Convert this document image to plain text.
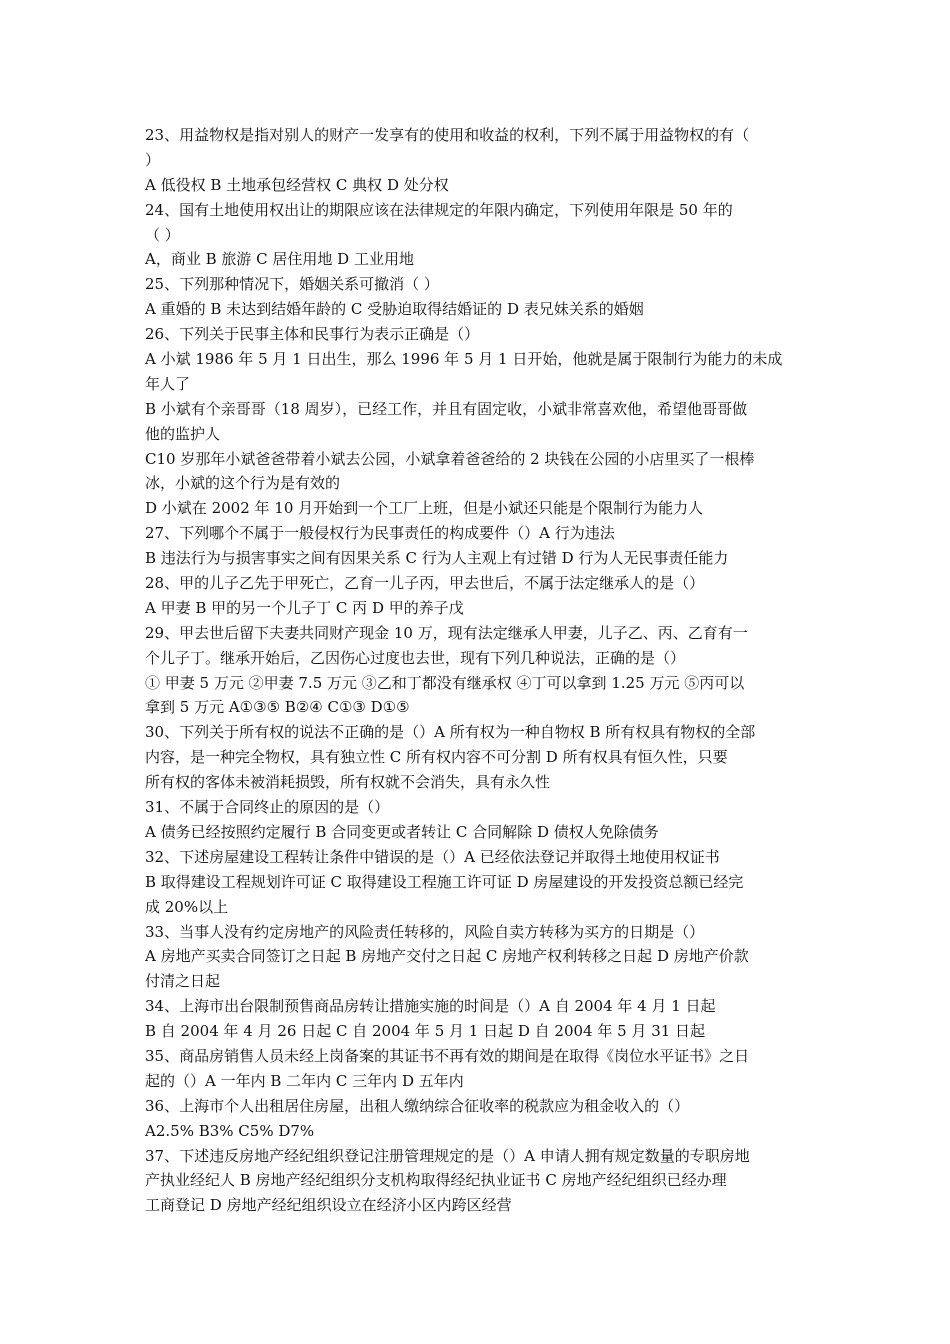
23、用益物权是指对别人的财产一发享有的使用和收益的权利，下列不属于用益物权的有（
）
A 低役权 B 土地承包经营权 C 典权 D 处分权
24、国有土地使用权出让的期限应该在法律规定的年限内确定，下列使用年限是 50 年的
（ ）
A，商业 B 旅游 C 居住用地 D 工业用地
25、下列那种情况下，婚姻关系可撤消（ ）
A 重婚的 B 未达到结婚年龄的 C 受胁迫取得结婚证的 D 表兄妹关系的婚姻
26、下列关于民事主体和民事行为表示正确是（）
A 小斌 1986 年 5 月 1 日出生，那么 1996 年 5 月 1 日开始，他就是属于限制行为能力的未成
年人了
B 小斌有个亲哥哥（18 周岁），已经工作，并且有固定收，小斌非常喜欢他，希望他哥哥做
他的监护人
C10 岁那年小斌爸爸带着小斌去公园，小斌拿着爸爸给的 2 块钱在公园的小店里买了一根棒
冰，小斌的这个行为是有效的
D 小斌在 2002 年 10 月开始到一个工厂上班，但是小斌还只能是个限制行为能力人
27、下列哪个不属于一般侵权行为民事责任的构成要件（）A 行为违法
B 违法行为与损害事实之间有因果关系 C 行为人主观上有过错 D 行为人无民事责任能力
28、甲的儿子乙先于甲死亡，乙育一儿子丙，甲去世后，不属于法定继承人的是（）
A 甲妻 B 甲的另一个儿子丁 C 丙 D 甲的养子戊
29、甲去世后留下夫妻共同财产现金 10 万，现有法定继承人甲妻，儿子乙、丙、乙育有一
个儿子丁。继承开始后，乙因伤心过度也去世，现有下列几种说法，正确的是（）
① 甲妻 5 万元 ②甲妻 7.5 万元 ③乙和丁都没有继承权 ④丁可以拿到 1.25 万元 ⑤丙可以
拿到 5 万元 A①③⑤ B②④ C①③ D①⑤
30、下列关于所有权的说法不正确的是（）A 所有权为一种自物权 B 所有权具有物权的全部
内容，是一种完全物权，具有独立性 C 所有权内容不可分割 D 所有权具有恒久性，只要
所有权的客体未被消耗损毁，所有权就不会消失，具有永久性
31、不属于合同终止的原因的是（）
A 债务已经按照约定履行 B 合同变更或者转让 C 合同解除 D 债权人免除债务
32、下述房屋建设工程转让条件中错误的是（）A 已经依法登记并取得土地使用权证书
B 取得建设工程规划许可证 C 取得建设工程施工许可证 D 房屋建设的开发投资总额已经完
成 20%以上
33、当事人没有约定房地产的风险责任转移的，风险自卖方转移为买方的日期是（）
A 房地产买卖合同签订之日起 B 房地产交付之日起 C 房地产权利转移之日起 D 房地产价款
付清之日起
34、上海市出台限制预售商品房转让措施实施的时间是（）A 自 2004 年 4 月 1 日起
B 自 2004 年 4 月 26 日起 C 自 2004 年 5 月 1 日起 D 自 2004 年 5 月 31 日起
35、商品房销售人员未经上岗备案的其证书不再有效的期间是在取得《岗位水平证书》之日
起的（）A 一年内 B 二年内 C 三年内 D 五年内
36、上海市个人出租居住房屋，出租人缴纳综合征收率的税款应为租金收入的（）
A2.5% B3% C5% D7%
37、下述违反房地产经纪组织登记注册管理规定的是（）A 申请人拥有规定数量的专职房地
产执业经纪人 B 房地产经纪组织分支机构取得经纪执业证书 C 房地产经纪组织已经办理
工商登记 D 房地产经纪组织设立在经济小区内跨区经营
